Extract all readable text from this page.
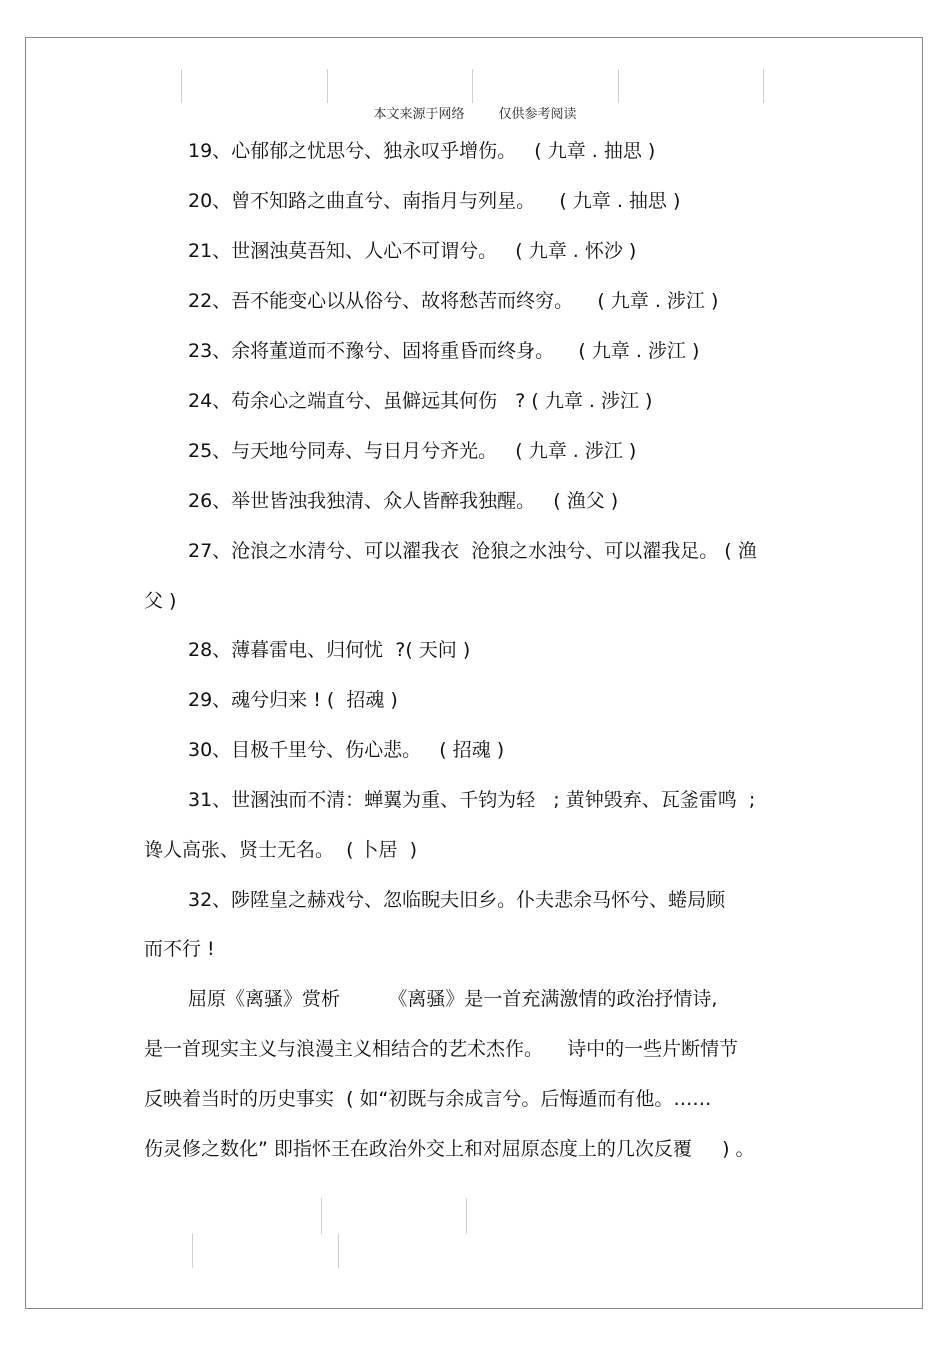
本文来源于网络	仅供参考阅读
19、心郁郁之忧思兮、独永叹乎增伤。   ( 九章 . 抽思 )
20、曾不知路之曲直兮、南指月与列星。    ( 九章 . 抽思 )
21、世溷浊莫吾知、人心不可谓兮。   ( 九章 . 怀沙 )
22、吾不能变心以从俗兮、故将愁苦而终穷。    ( 九章 . 涉江 )
23、余将董道而不豫兮、固将重昏而终身。    ( 九章 . 涉江 )
24、苟余心之端直兮、虽僻远其何伤   ? ( 九章 . 涉江 )
25、与天地兮同寿、与日月兮齐光。   ( 九章 . 涉江 )
26、举世皆浊我独清、众人皆醉我独醒。   ( 渔父 )
27、沧浪之水清兮、可以濯我衣  沧狼之水浊兮、可以濯我足。 ( 渔
父 )
28、薄暮雷电、归何忧  ?( 天问 )
29、魂兮归来 ! (  招魂 )
30、目极千里兮、伤心悲。   ( 招魂 )
31、世溷浊而不清：蝉翼为重、千钧为轻   ; 黄钟毁弃、瓦釜雷鸣  ;
谗人高张、贤士无名。  ( 卜居  )
32、陟陞皇之赫戏兮、忽临睨夫旧乡。仆夫悲余马怀兮、蜷局顾
而不行 !
屈原《离骚》赏析        《离骚》是一首充满激情的政治抒情诗,
是一首现实主义与浪漫主义相结合的艺术杰作。    诗中的一些片断情节
反映着当时的历史事实  ( 如“初既与余成言兮。后悔遁而有他。……
伤灵修之数化” 即指怀王在政治外交上和对屈原态度上的几次反覆     ) 。
